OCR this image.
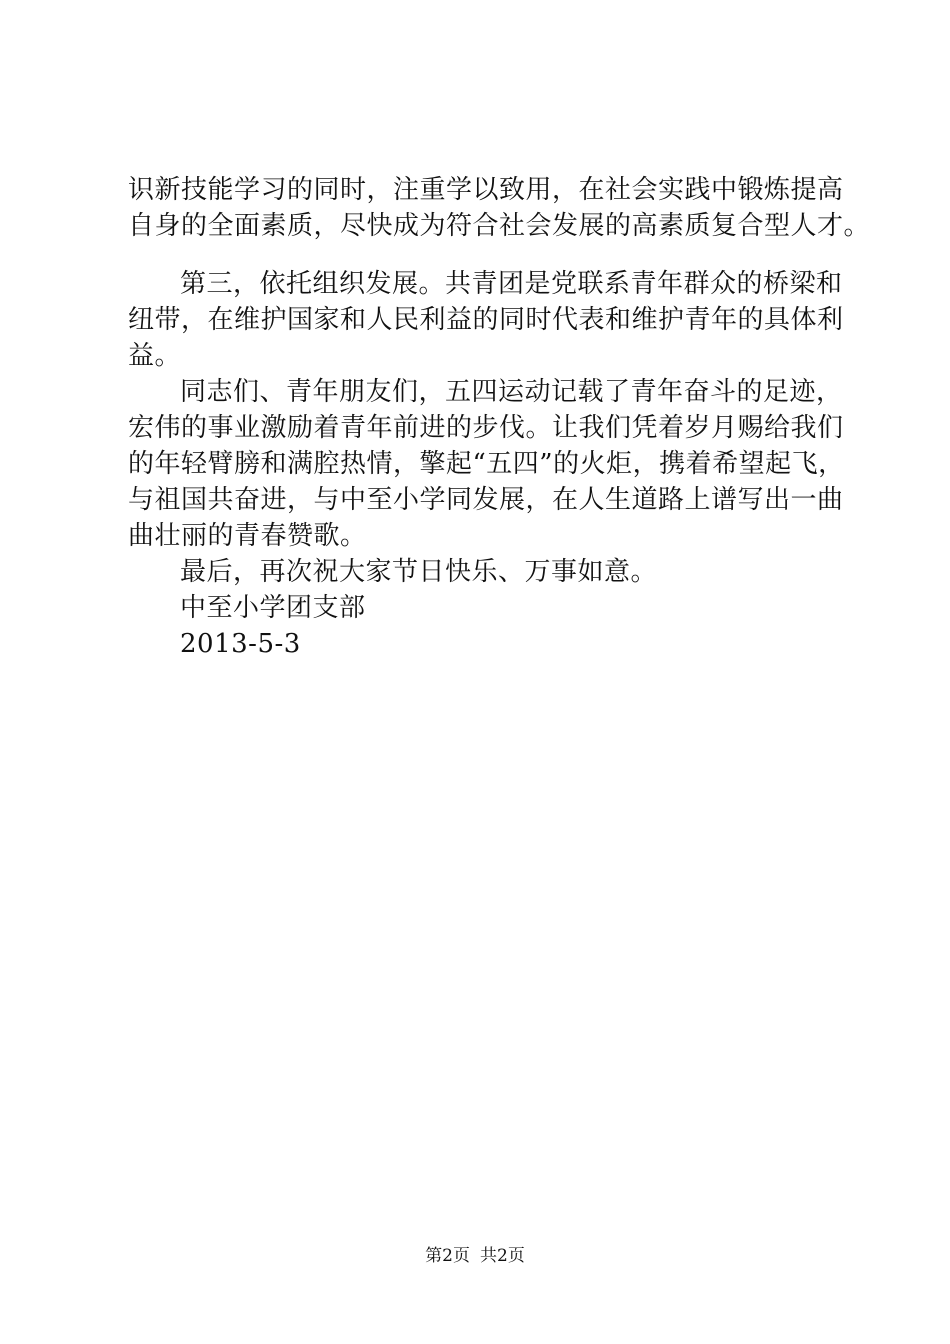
识新技能学习的同时，注重学以致用，在社会实践中锻炼提高
自身的全面素质，尽快成为符合社会发展的高素质复合型人才。
第三，依托组织发展。共青团是党联系青年群众的桥梁和
纽带，在维护国家和人民利益的同时代表和维护青年的具体利
益。
同志们、青年朋友们，五四运动记载了青年奋斗的足迹，
宏伟的事业激励着青年前进的步伐。让我们凭着岁月赐给我们
的年轻臂膀和满腔热情，擎起“五四”的火炬，携着希望起飞，
与祖国共奋进，与中至小学同发展，在人生道路上谱写出一曲
曲壮丽的青春赞歌。
最后，再次祝大家节日快乐、万事如意。
中至小学团支部
2013-5-3
第2页 共2页
